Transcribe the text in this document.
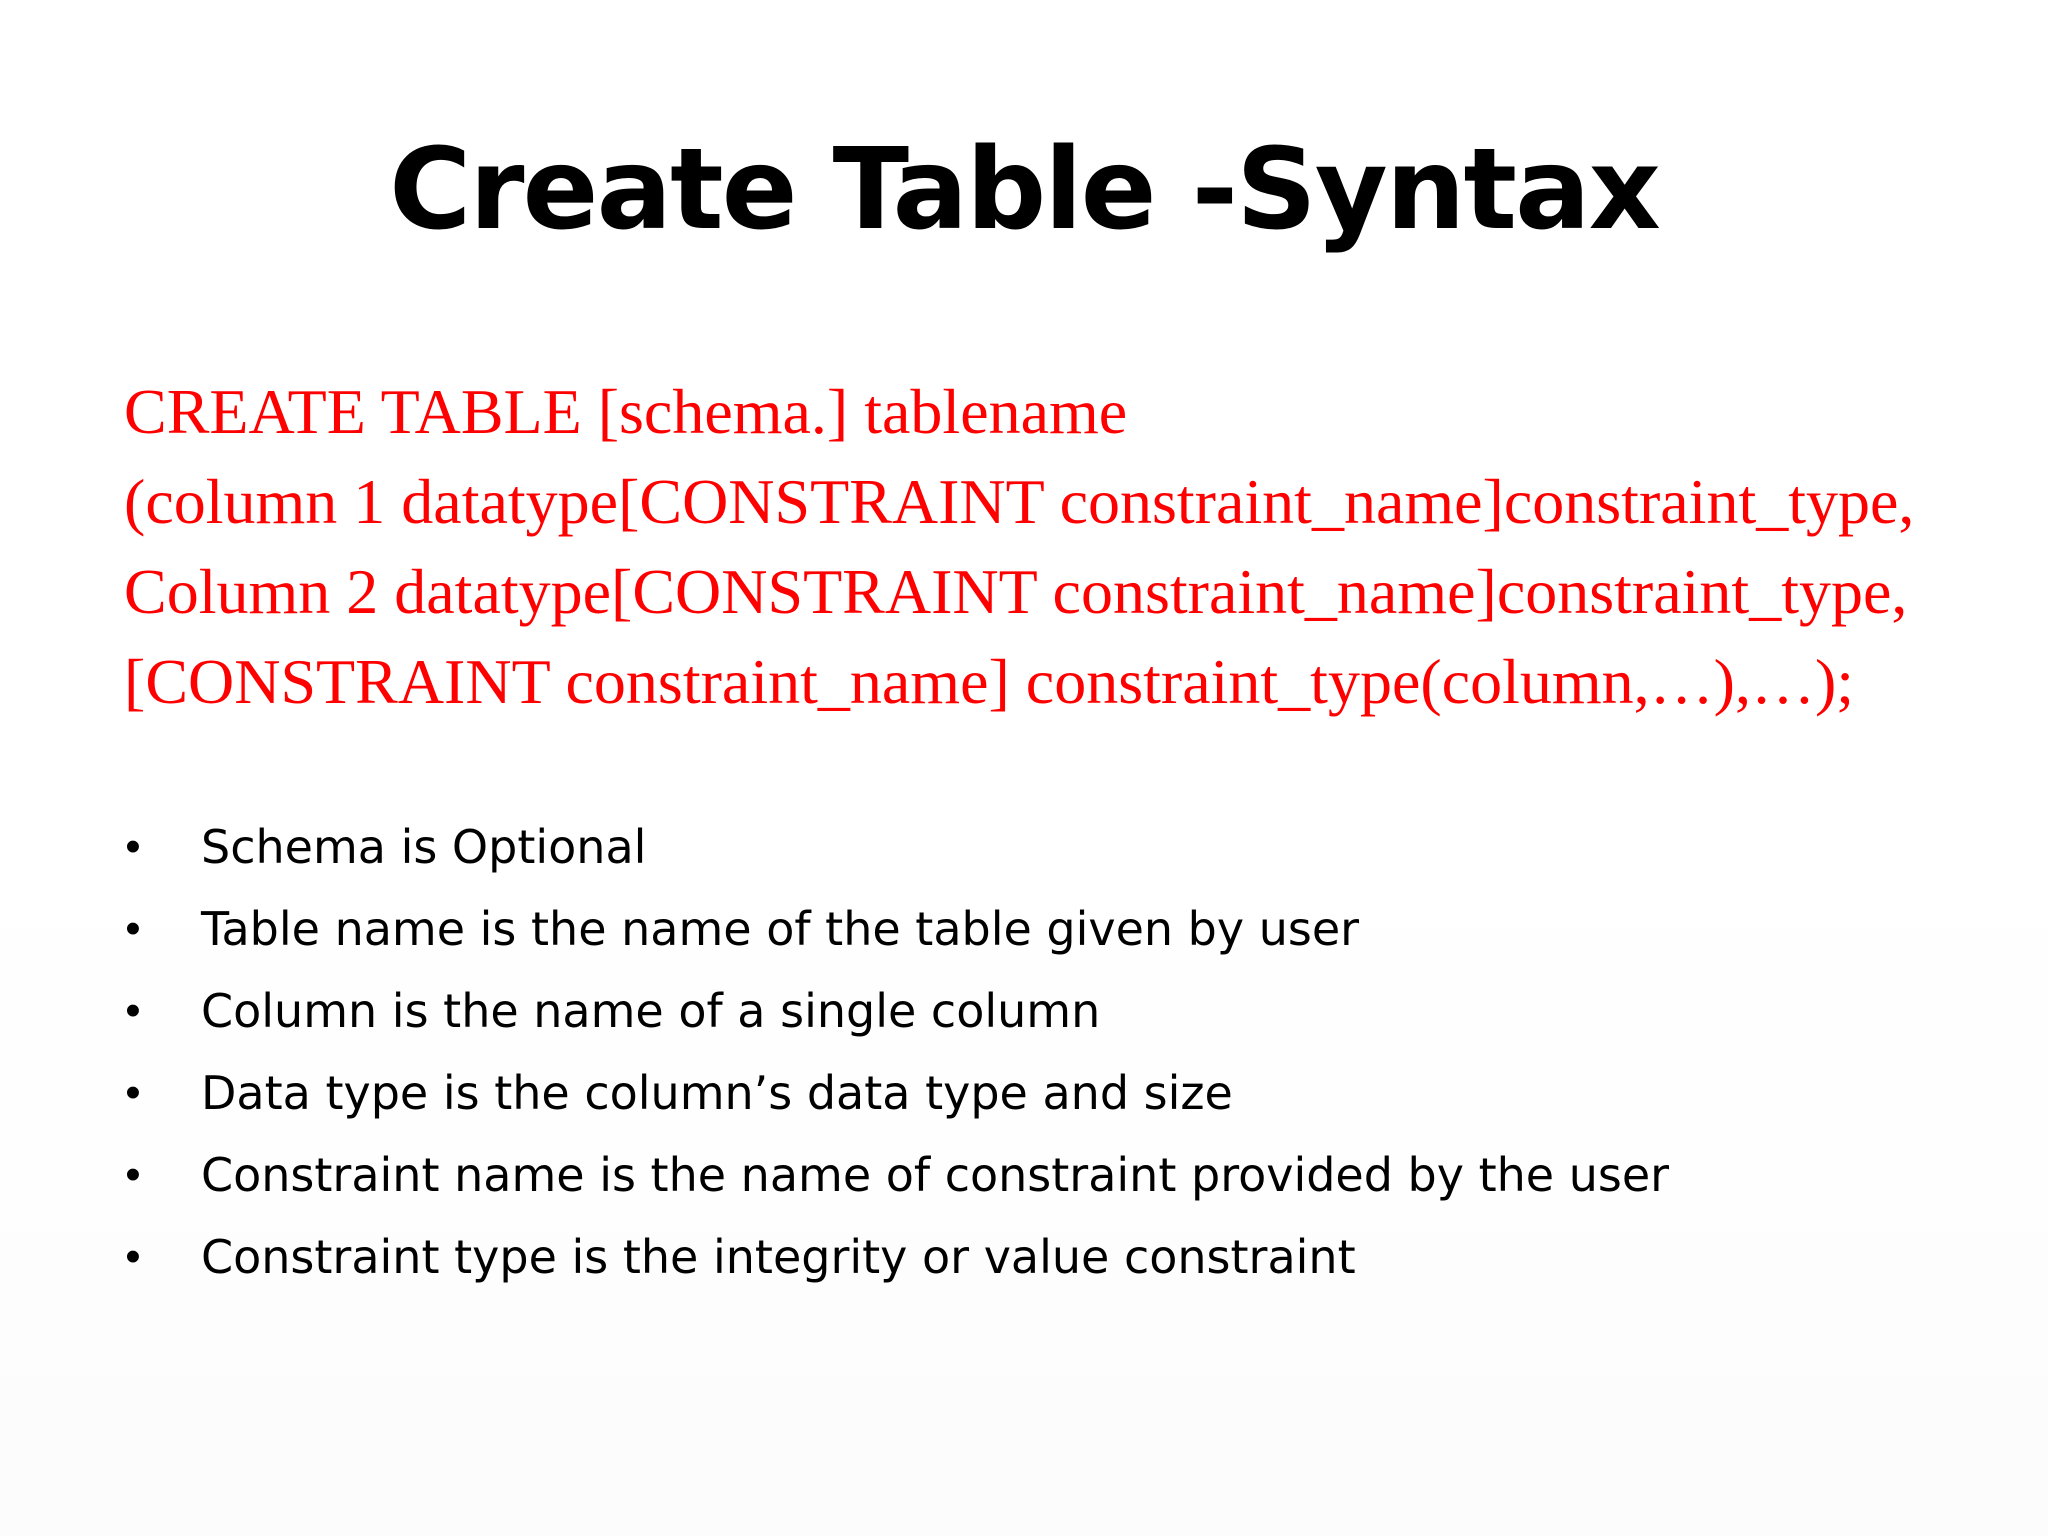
Create Table -Syntax
CREATE TABLE [schema.] tablename
(column 1 datatype[CONSTRAINT constraint_name]constraint_type,
Column 2 datatype[CONSTRAINT constraint_name]constraint_type,
[CONSTRAINT constraint_name] constraint_type(column,…),…);
• Schema is Optional
• Table name is the name of the table given by user
• Column is the name of a single column
• Data type is the column’s data type and size
• Constraint name is the name of constraint provided by the user
• Constraint type is the integrity or value constraint
